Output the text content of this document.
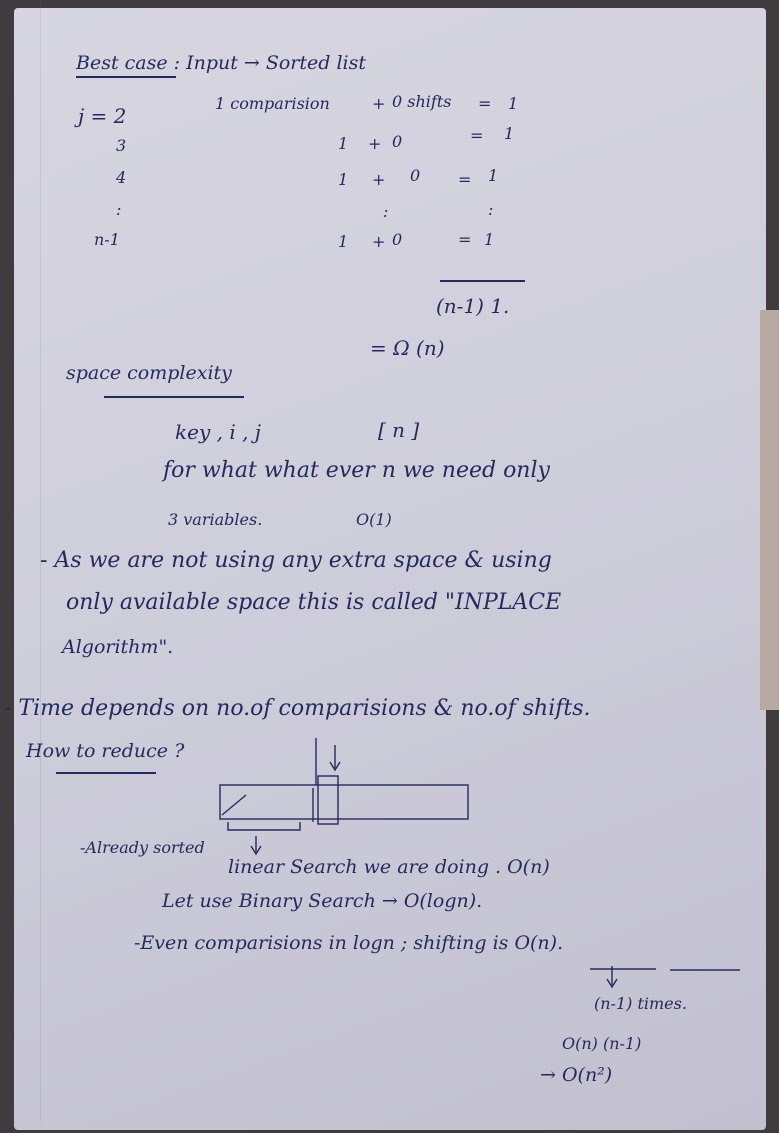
Best case : Input → Sorted list

j = 2

1 comparision	+ 0 shifts = 1

3	1 + 0	= 1

4	1 + 0 = 1

:	:	:

n-1	1 + 0	= 1

(n-1) 1.

= Ω (n)

space complexity

key , i , j	[ n ]

for what what ever n we need only

3 variables.	O(1)

- As we are not using any extra space & using

only available space this is called "INPLACE

Algorithm".

- Time depends on no.of comparisions & no.of shifts.

How to reduce ?

-Already sorted

linear Search we are doing . O(n)

Let use Binary Search → O(logn).

-Even comparisions in logn ; shifting is O(n).

(n-1) times.

O(n) (n-1)

→ O(n²)
